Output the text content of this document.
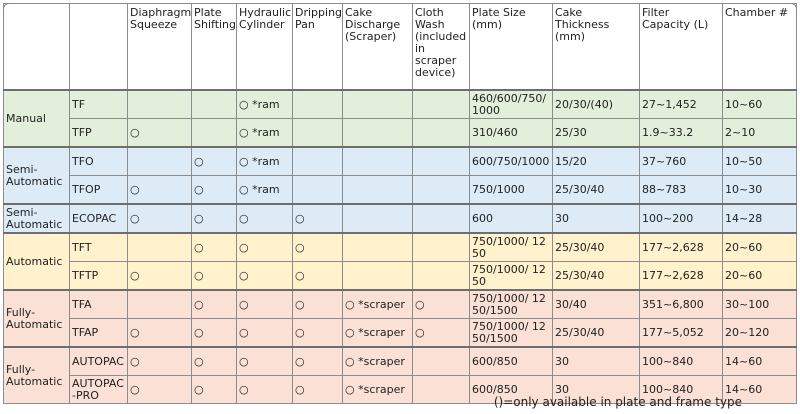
		Diaphragm Squeeze	Plate Shifting	Hydraulic Cylinder	Dripping Pan	Cake Discharge (Scraper)	Cloth Wash (included in scraper device)	Plate Size (mm)	Cake Thickness (mm)	Filter Capacity (L)	Chamber #
Manual	TF			○ *ram				460/600/750/1000	20/30/(40)	27~1,452	10~60
	TFP	○		○ *ram				310/460	25/30	1.9~33.2	2~10
Semi-Automatic	TFO		○	○ *ram				600/750/1000	15/20	37~760	10~50
	TFOP	○	○	○ *ram				750/1000	25/30/40	88~783	10~30
Semi-Automatic	ECOPAC	○	○	○	○			600	30	100~200	14~28
Automatic	TFT		○	○	○			750/1000/ 1250	25/30/40	177~2,628	20~60
	TFTP	○	○	○	○			750/1000/ 1250	25/30/40	177~2,628	20~60
Fully-Automatic	TFA		○	○	○	○ *scraper	○	750/1000/ 1250/1500	30/40	351~6,800	30~100
	TFAP	○	○	○	○	○ *scraper	○	750/1000/ 1250/1500	25/30/40	177~5,052	20~120
Fully-Automatic	AUTOPAC	○	○	○	○	○ *scraper		600/850	30	100~840	14~60
	AUTOPAC -PRO	○	○	○	○	○ *scraper		600/850	30	100~840	14~60
()=only available in plate and frame type
